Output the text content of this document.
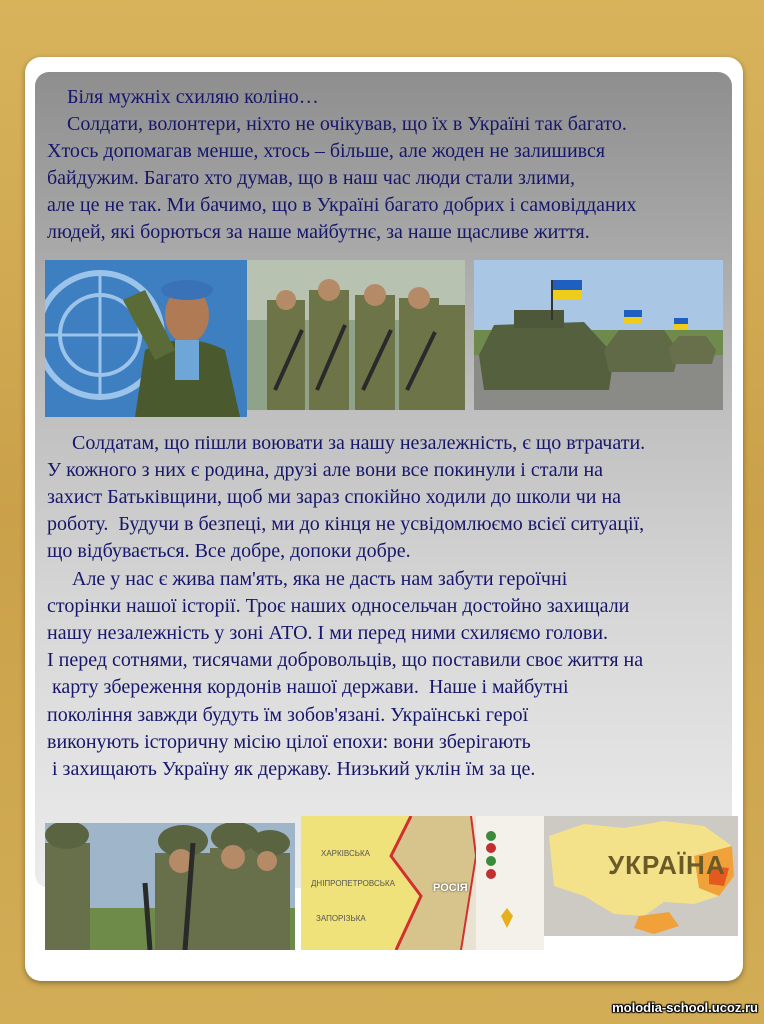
Біля мужніх схиляю коліно…
Солдати, волонтери, ніхто не очікував, що їх в Україні так багато.
Хтось допомагав менше, хтось – більше, але жоден не залишився
байдужим. Багато хто думав, що в наш час люди стали злими,
але це не так. Ми бачимо, що в Україні багато добрих і самовідданих
людей, які борються за наше майбутнє, за наше щасливе життя.
Солдатам, що пішли воювати за нашу незалежність, є що втрачати.
У кожного з них є родина, друзі але вони все покинули і стали на
захист Батьківщини, щоб ми зараз спокійно ходили до школи чи на
роботу.  Будучи в безпеці, ми до кінця не усвідомлюємо всієї ситуації,
що відбувається. Все добре, допоки добре.
Але у нас є жива пам'ять, яка не дасть нам забути героїчні
сторінки нашої історії. Троє наших односельчан достойно захищали
нашу незалежність у зоні АТО. І ми перед ними схиляємо голови.
І перед сотнями, тисячами добровольців, що поставили своє життя на
карту збереження кордонів нашої держави.  Наше і майбутні
покоління завжди будуть їм зобов'язані. Українські герої
виконують історичну місію цілої епохи: вони зберігають
і захищають Україну як державу. Низький уклін їм за це.
ХАРКІВСЬКА
ДНІПРОПЕТРОВСЬКА
ЗАПОРІЗЬКА
РОСІЯ
УКРАЇНА
molodia-school.ucoz.ru
